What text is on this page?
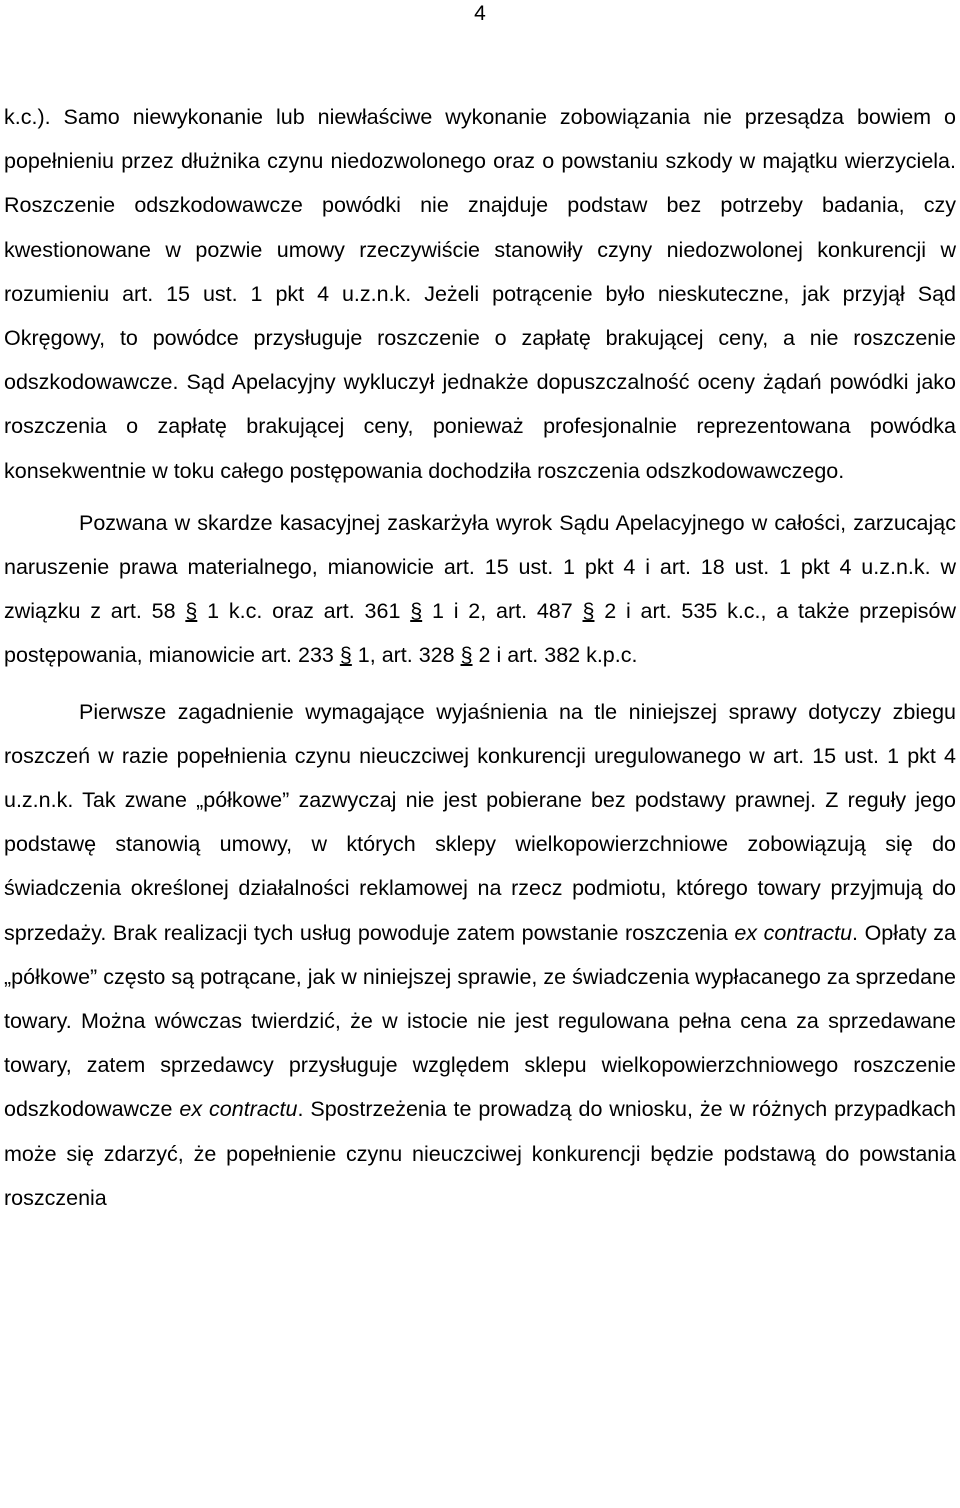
4

k.c.). Samo niewykonanie lub niewłaściwe wykonanie zobowiązania nie przesądza bowiem o popełnieniu przez dłużnika czynu niedozwolonego oraz o powstaniu szkody w majątku wierzyciela. Roszczenie odszkodowawcze powódki nie znajduje podstaw bez potrzeby badania, czy kwestionowane w pozwie umowy rzeczywiście stanowiły czyny niedozwolonej konkurencji w rozumieniu art. 15 ust. 1 pkt 4 u.z.n.k. Jeżeli potrącenie było nieskuteczne, jak przyjął Sąd Okręgowy, to powódce przysługuje roszczenie o zapłatę brakującej ceny, a nie roszczenie odszkodowawcze. Sąd Apelacyjny wykluczył jednakże dopuszczalność oceny żądań powódki jako roszczenia o zapłatę brakującej ceny, ponieważ profesjonalnie reprezentowana powódka konsekwentnie w toku całego postępowania dochodziła roszczenia odszkodowawczego.

Pozwana w skardze kasacyjnej zaskarżyła wyrok Sądu Apelacyjnego w całości, zarzucając naruszenie prawa materialnego, mianowicie art. 15 ust. 1 pkt 4 i art. 18 ust. 1 pkt 4 u.z.n.k. w związku z art. 58 § 1 k.c. oraz art. 361 § 1 i 2, art. 487 § 2 i art. 535 k.c., a także przepisów postępowania, mianowicie art. 233 § 1, art. 328 § 2 i art. 382 k.p.c.

Pierwsze zagadnienie wymagające wyjaśnienia na tle niniejszej sprawy dotyczy zbiegu roszczeń w razie popełnienia czynu nieuczciwej konkurencji uregulowanego w art. 15 ust. 1 pkt 4 u.z.n.k. Tak zwane „półkowe” zazwyczaj nie jest pobierane bez podstawy prawnej. Z reguły jego podstawę stanowią umowy, w których sklepy wielkopowierzchniowe zobowiązują się do świadczenia określonej działalności reklamowej na rzecz podmiotu, którego towary przyjmują do sprzedaży. Brak realizacji tych usług powoduje zatem powstanie roszczenia ex contractu. Opłaty za „półkowe” często są potrącane, jak w niniejszej sprawie, ze świadczenia wypłacanego za sprzedane towary. Można wówczas twierdzić, że w istocie nie jest regulowana pełna cena za sprzedawane towary, zatem sprzedawcy przysługuje względem sklepu wielkopowierzchniowego roszczenie odszkodowawcze ex contractu. Spostrzeżenia te prowadzą do wniosku, że w różnych przypadkach może się zdarzyć, że popełnienie czynu nieuczciwej konkurencji będzie podstawą do powstania roszczenia
